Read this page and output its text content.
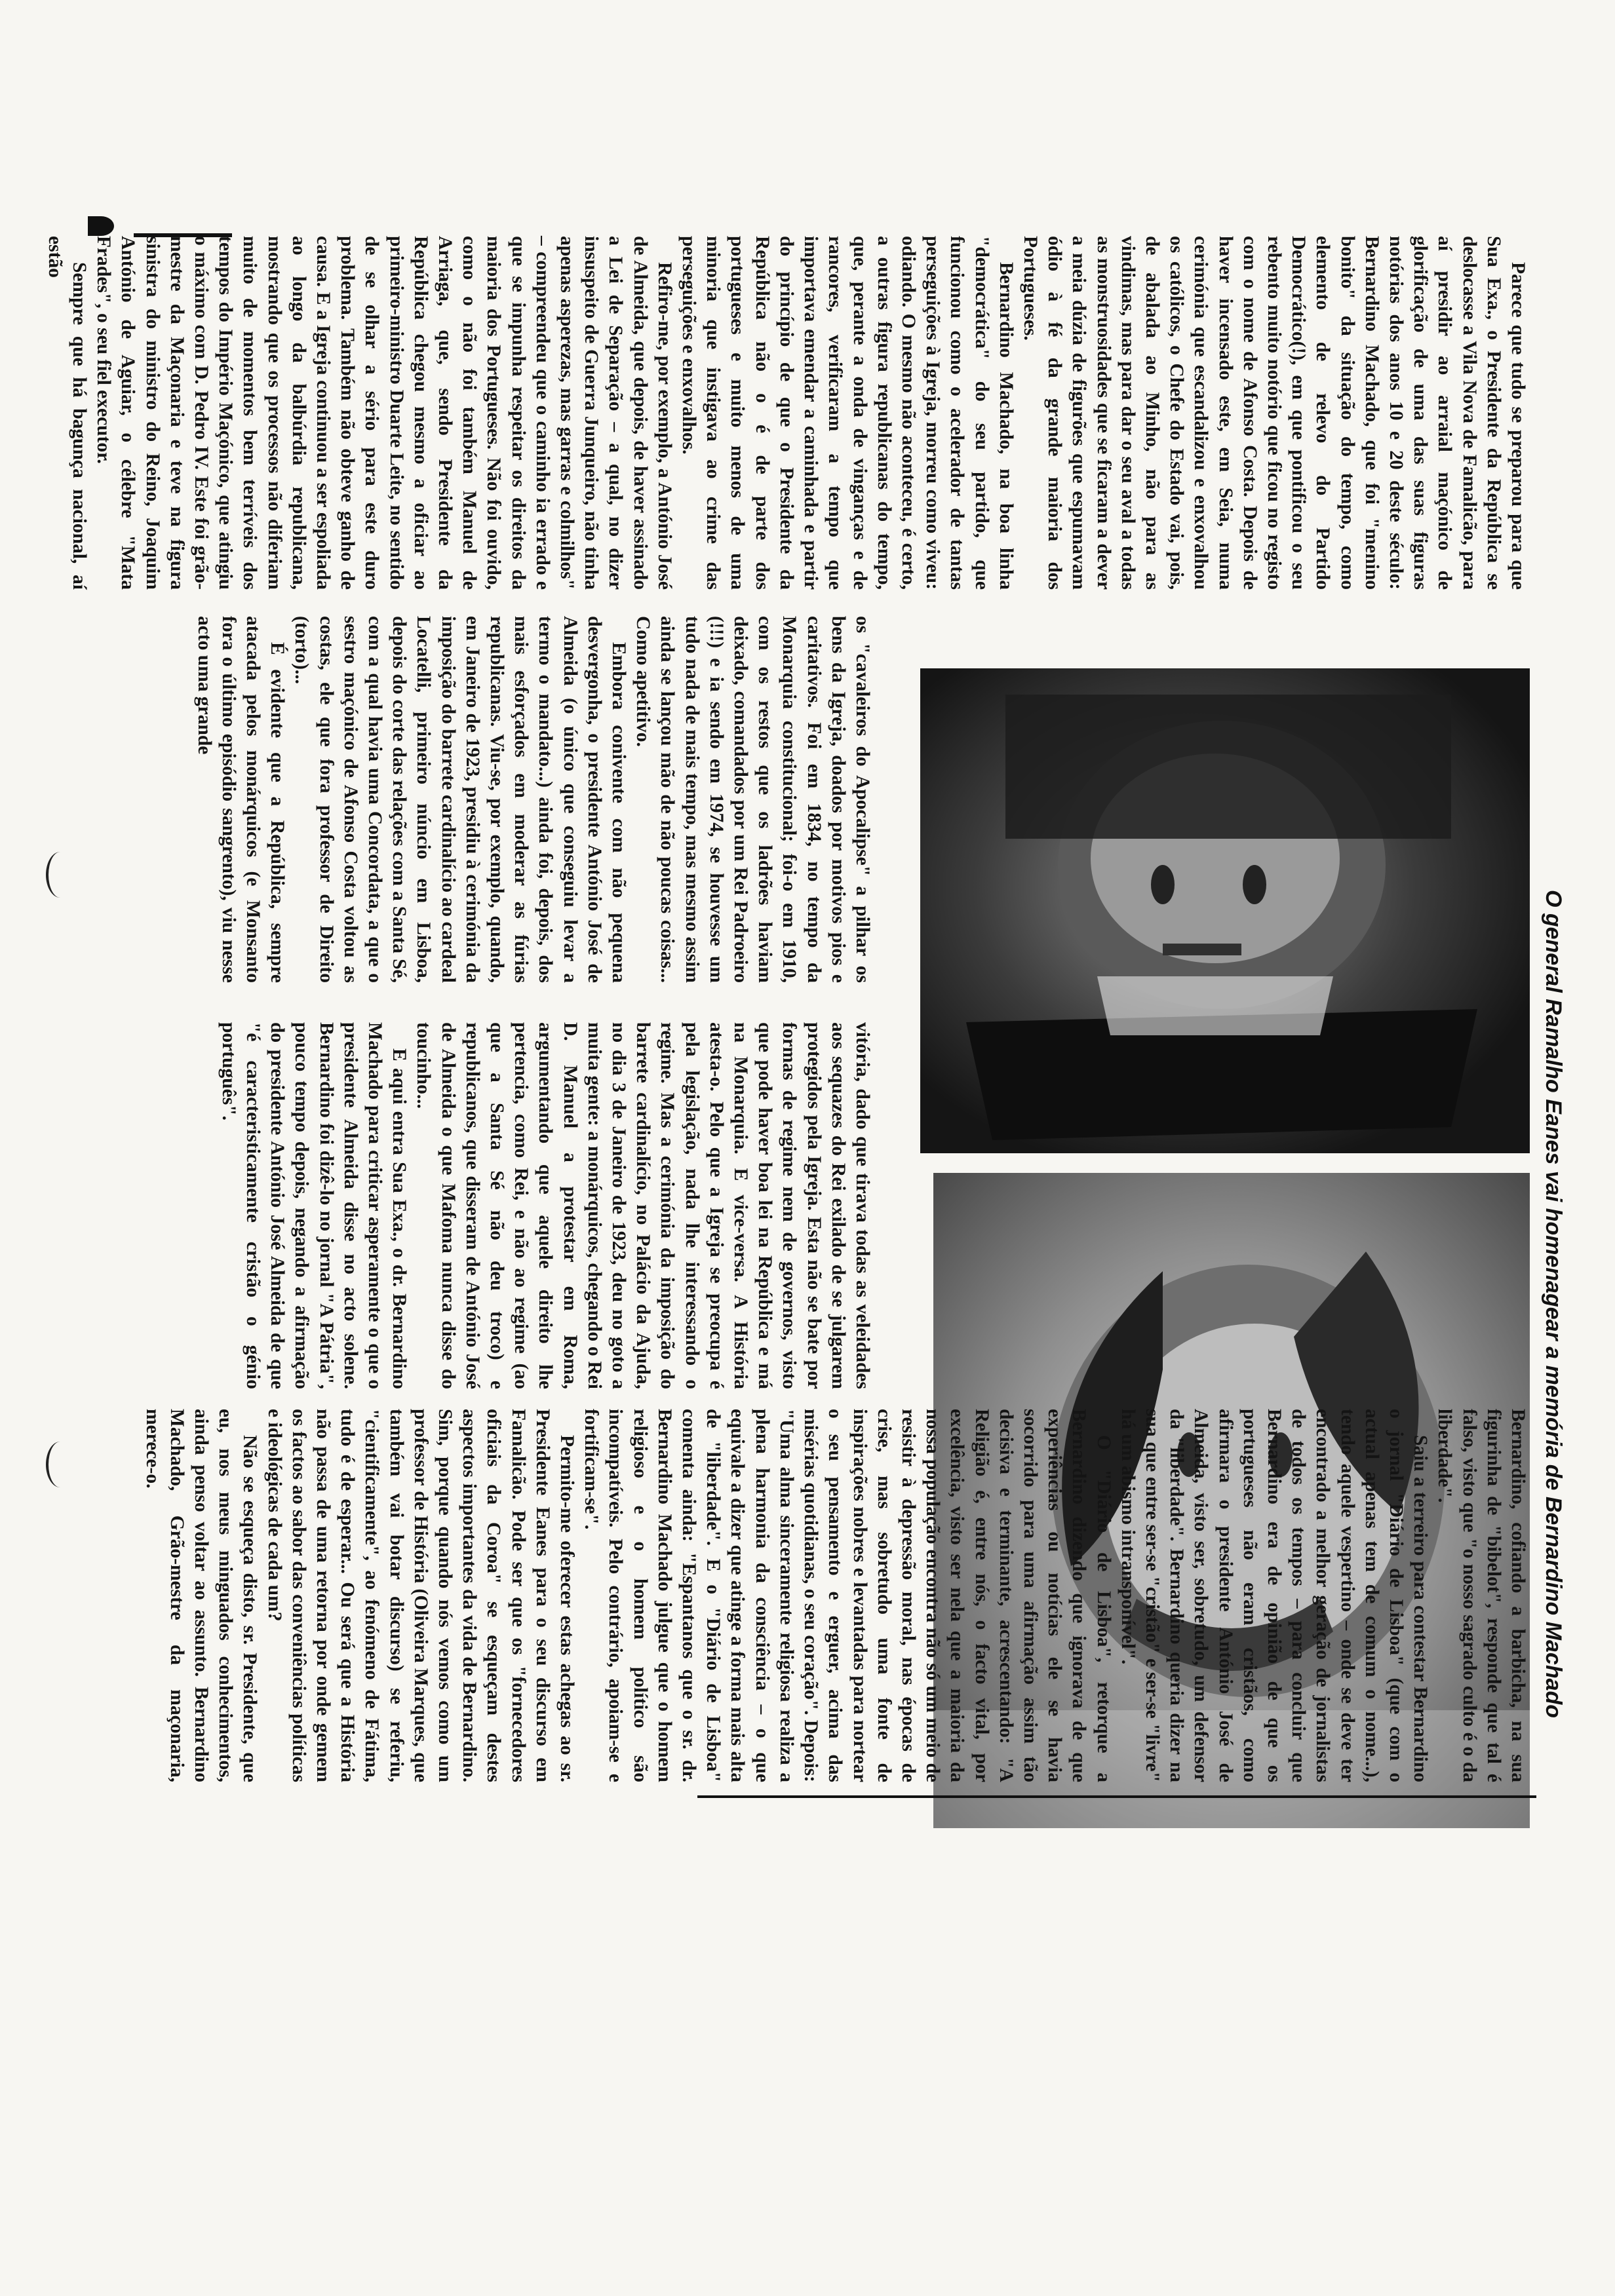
Parece que tudo se preparou para que Sua Exa., o Presidente da República se deslocasse a Vila Nova de Famalicão, para aí presidir ao arraial maçónico de glorificação de uma das suas figuras notórias dos anos 10 e 20 deste século: Bernardino Machado, que foi "menino bonito" da situação do tempo, como elemento de relevo do Partido Democrático(!), em que pontificou o seu rebento muito notório que ficou no registo com o nome de Afonso Costa. Depois de haver incensado este, em Seia, numa cerimónia que escandalizou e enxovalhou os católicos, o Chefe do Estado vai, pois, de abalada ao Minho, não para as vindimas, mas para dar o seu aval a todas as monstruosidades que se ficaram a dever a meia dúzia de figurões que espumavam ódio à fé da grande maioria dos Portugueses.

Bernardino Machado, na boa linha "democrática" do seu partido, que funcionou como o acelerador de tantas perseguições à Igreja, morreu como viveu: odiando. O mesmo não aconteceu, é certo, a outras figura republicanas do tempo, que, perante a onda de vinganças e de rancores, verificaram a tempo que importava emendar a caminhada e partir do princípio de que o Presidente da República não o é de parte dos portugueses e muito menos de uma minoria que instigava ao crime das perseguições e enxovalhos.

Refiro-me, por exemplo, a António José de Almeida, que depois, de haver assinado a Lei de Separação – a qual, no dizer insuspeito de Guerra Junqueiro, não tinha apenas asperezas, mas garras e colmilhos" – compreendeu que o caminho ia errado e que se impunha respeitar os direitos da maioria dos Portugueses. Não foi ouvido, como o não foi também Manuel de Arriaga, que, sendo Presidente da República chegou mesmo a oficiar ao primeiro-ministro Duarte Leite, no sentido de se olhar a sério para este duro problema. Também não obteve ganho de causa. E a Igreja continuou a ser espoliada ao longo da balbúrdia republicana, mostrando que os processos não diferiam muito de momentos bem terríveis dos tempos do Império Maçónico, que atingiu o máximo com D. Pedro IV. Este foi grão-mestre da Maçonaria e teve na figura sinistra do ministro do Reino, Joaquim António de Aguiar, o célebre "Mata Frades", o seu fiel executor.

Sempre que há bagunça nacional, aí estão

O general Ramalho Eanes vai homenagear a memória de Bernardino Machado

os "cavaleiros do Apocalipse" a pilhar os bens da Igreja, doados por motivos pios e caritativos. Foi em 1834, no tempo da Monarquia constitucional; foi-o em 1910, com os restos que os ladrões haviam deixado, comandados por um Rei Padroeiro (!!!) e ia sendo em 1974, se houvesse um tudo nada de mais tempo, mas mesmo assim ainda se lançou mão de não poucas coisas... Como apetitivo.

Embora conivente com não pequena desvergonha, o presidente António José de Almeida (o único que conseguiu levar a termo o mandato...) ainda foi, depois, dos mais esforçados em moderar as fúrias republicanas. Viu-se, por exemplo, quando, em Janeiro de 1923, presidiu à cerimónia da imposição do barrete cardinalício ao cardeal Locatelli, primeiro núncio em Lisboa, depois do corte das relações com a Santa Sé, com a qual havia uma Concordata, a que o sestro maçónico de Afonso Costa voltou as costas, ele que fora professor de Direito (torto)...

É evidente que a República, sempre atacada pelos monárquicos (e Monsanto fora o último episódio sangrento), viu nesse acto uma grande

vitória, dado que tirava todas as veleidades aos sequazes do Rei exilado de se julgarem protegidos pela Igreja. Esta não se bate por formas de regime nem de governos, visto que pode haver boa lei na República e má na Monarquia. E vice-versa. A História atesta-o. Pelo que a Igreja se preocupa é pela legislação, nada lhe interessando o regime. Mas a cerimónia da imposição do barrete cardinalício, no Palácio da Ajuda, no dia 3 de Janeiro de 1923, deu no goto a muita gente: a monárquicos, chegando o Rei D. Manuel a protestar em Roma, argumentando que aquele direito lhe pertencia, como Rei, e não ao regime (ao que a Santa Sé não deu troco) e republicanos, que disseram de António José de Almeida o que Mafoma nunca disse do toucinho...

E aqui entra Sua Exa., o dr. Bernardino Machado para criticar asperamente o que o presidente Almeida disse no acto solene. Bernardino foi dizê-lo no jornal "A Pátria", pouco tempo depois, negando a afirmação do presidente António José Almeida de que "é caracteristicamente cristão o génio português".

Bernardino, cofiando a barbicha, na sua figurinha de "bibelot", responde que tal é falso, visto que "o nosso sagrado culto é o da liberdade".

Saiu a terreiro para contestar Bernardino o jornal "Diário de Lisboa" (que com o actual apenas tem de comum o nome...), tendo aquele vespertino – onde se deve ter encontrado a melhor geração de jornalistas de todos os tempos – para concluir que Bernardino era de opinião de que os portugueses não eram cristãos, como afirmara o presidente António José de Almeida, visto ser, sobretudo, um defensor da "liberdade". Bernardino queria dizer na sua que entre ser-se "cristão" e ser-se "livre" há um abismo intransponível".

O "Diário de Lisboa", retorque a Bernardino dizendo que ignorava de que experiências ou notícias ele se havia socorrido para uma afirmação assim tão decisiva e terminante, acrescentando: "A Religião é, entre nós, o facto vital, por excelência, visto ser nela que a maioria da nossa população encontra não só um meio de resistir à depressão moral, nas épocas de crise, mas sobretudo uma fonte de inspirações nobres e levantadas para nortear o seu pensamento e erguer, acima das misérias quotidianas, o seu coração". Depois: "Uma alma sinceramente religiosa realiza a plena harmonia da consciência – o que equivale a dizer que atinge a forma mais alta de "liberdade". E o "Diário de Lisboa" comenta ainda: "Espantanos que o sr. dr. Bernardino Machado julgue que o homem religioso e o homem político são incompatíveis. Pelo contrário, apoiam-se e fortificam-se".

Permito-me oferecer estas achegas ao sr. Presidente Eanes para o seu discurso em Famalicão. Pode ser que os "fornecedores oficiais da Coroa" se esqueçam destes aspectos importantes da vida de Bernardino. Sim, porque quando nós vemos como um professor de História (Oliveira Marques, que também vai botar discurso) se referiu, "cientificamente", ao fenómeno de Fátima, tudo é de esperar... Ou será que a História não passa de uma retorna por onde gemem os factos ao sabor das conveniências políticas e ideológicas de cada um?

Não se esqueça disto, sr. Presidente, que eu, nos meus minguados conhecimentos, ainda penso voltar ao assunto. Bernardino Machado, Grão-mestre da maçonaria, merece-o.
